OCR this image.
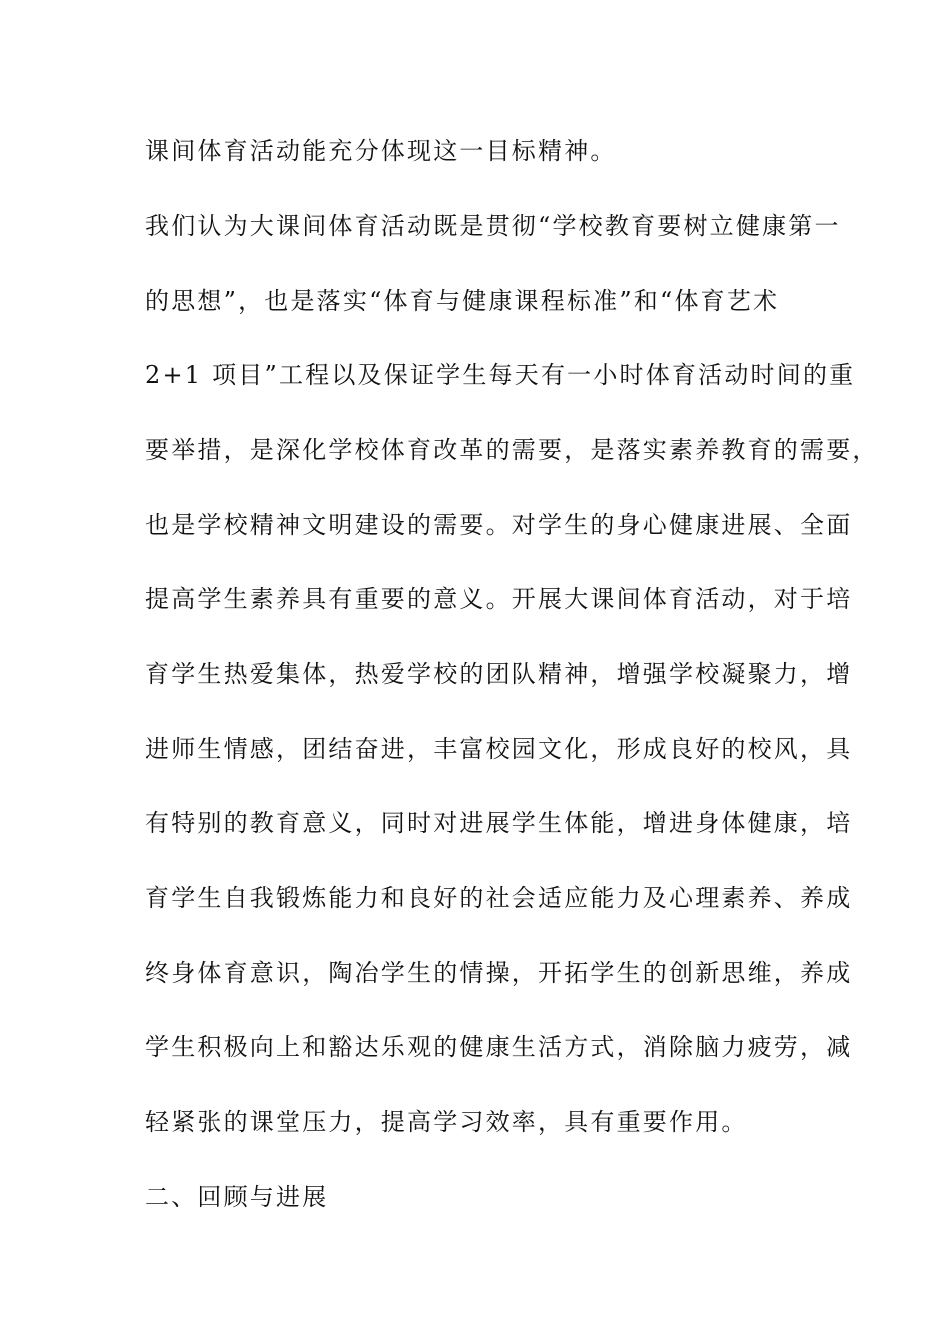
课间体育活动能充分体现这一目标精神。
我们认为大课间体育活动既是贯彻“学校教育要树立健康第一
的思想”，也是落实“体育与健康课程标准”和“体育艺术
2+1 项目”工程以及保证学生每天有一小时体育活动时间的重
要举措，是深化学校体育改革的需要，是落实素养教育的需要，
也是学校精神文明建设的需要。对学生的身心健康进展、全面
提高学生素养具有重要的意义。开展大课间体育活动，对于培
育学生热爱集体，热爱学校的团队精神，增强学校凝聚力，增
进师生情感，团结奋进，丰富校园文化，形成良好的校风，具
有特别的教育意义，同时对进展学生体能，增进身体健康，培
育学生自我锻炼能力和良好的社会适应能力及心理素养、养成
终身体育意识，陶冶学生的情操，开拓学生的创新思维，养成
学生积极向上和豁达乐观的健康生活方式，消除脑力疲劳，减
轻紧张的课堂压力，提高学习效率，具有重要作用。
二、回顾与进展
